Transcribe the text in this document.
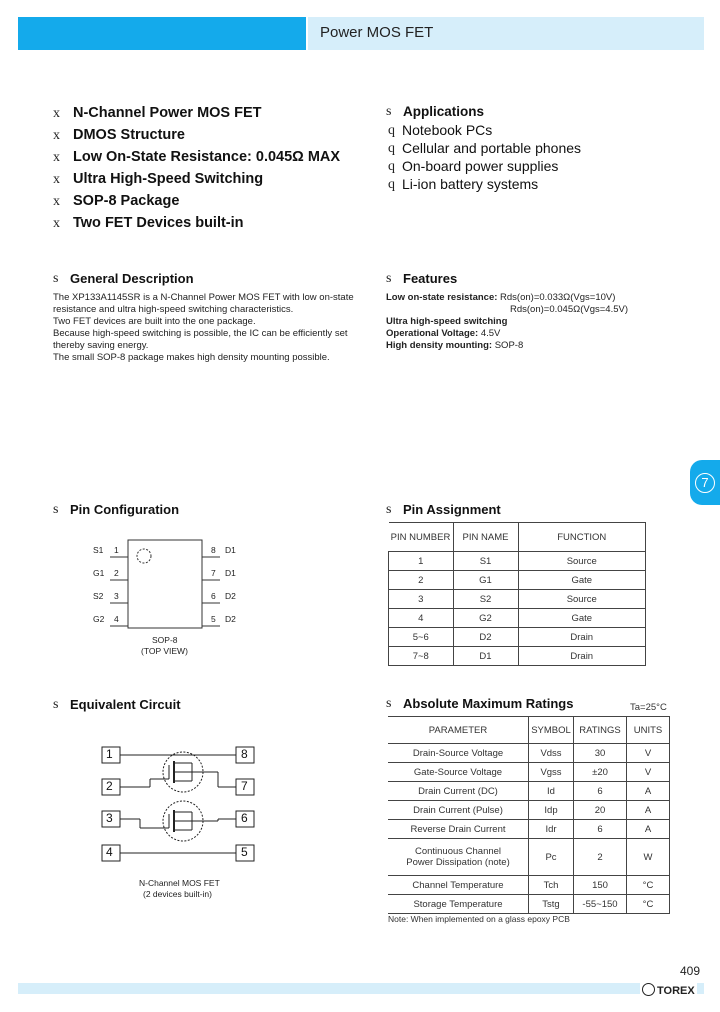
Power MOS FET
x N-Channel Power MOS FET
x DMOS Structure
x Low On-State Resistance: 0.045Ω MAX
x Ultra High-Speed Switching
x SOP-8 Package
x Two FET Devices built-in
s Applications
q Notebook PCs
q Cellular and portable phones
q On-board power supplies
q Li-ion battery systems
s General Description
The XP133A1145SR is a N-Channel Power MOS FET with low on-state
resistance and ultra high-speed switching characteristics.
Two FET devices are built into the one package.
Because high-speed switching is possible, the IC can be efficiently set
thereby saving energy.
The small SOP-8 package makes high density mounting possible.
s Features
Low on-state resistance: Rds(on)=0.033Ω(Vgs=10V)
Rds(on)=0.045Ω(Vgs=4.5V)
Ultra high-speed switching
Operational Voltage: 4.5V
High density mounting: SOP-8
7
s Pin Configuration
S1 1
G1 2
S2 3
G2 4
8 D1
7 D1
6 D2
5 D2
SOP-8
(TOP VIEW)
s Pin Assignment
PIN NUMBER	PIN NAME	FUNCTION
1	S1	Source
2	G1	Gate
3	S2	Source
4	G2	Gate
5~6	D2	Drain
7~8	D1	Drain
s Equivalent Circuit
1
2
3
4
8
7
6
5
N-Channel MOS FET
(2 devices built-in)
s Absolute Maximum Ratings	Ta=25°C
PARAMETER	SYMBOL	RATINGS	UNITS
Drain-Source Voltage	Vdss	30	V
Gate-Source Voltage	Vgss	±20	V
Drain Current (DC)	Id	6	A
Drain Current (Pulse)	Idp	20	A
Reverse Drain Current	Idr	6	A
Continuous Channel Power Dissipation (note)	Pc	2	W
Channel Temperature	Tch	150	°C
Storage Temperature	Tstg	-55~150	°C
Note: When implemented on a glass epoxy PCB
409
TOREX
